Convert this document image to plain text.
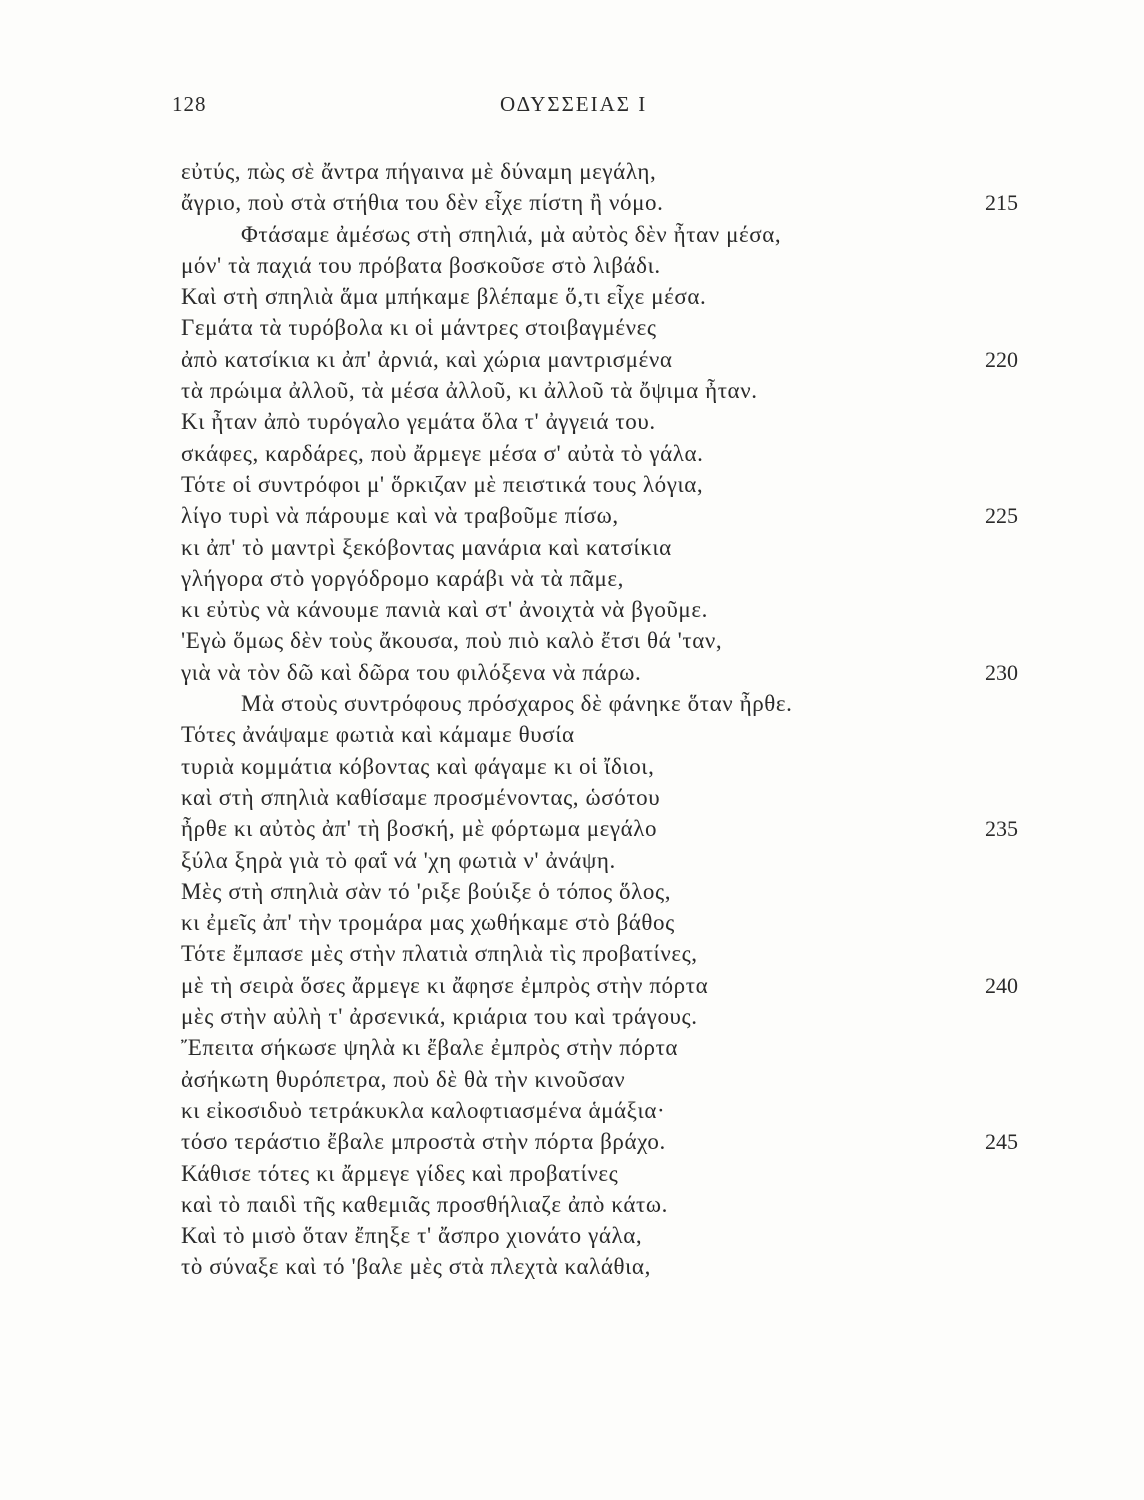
128	ΟΔΥΣΣΕΙΑΣ Ι
εὐτύς, πὼς σὲ ἄντρα πήγαινα μὲ δύναμη μεγάλη,
ἄγριο, ποὺ στὰ στήθια του δὲν εἶχε πίστη ἢ νόμο.	215
Φτάσαμε ἀμέσως στὴ σπηλιά, μὰ αὐτὸς δὲν ἦταν μέσα,
μόν' τὰ παχιά του πρόβατα βοσκοῦσε στὸ λιβάδι.
Καὶ στὴ σπηλιὰ ἅμα μπήκαμε βλέπαμε ὅ,τι εἶχε μέσα.
Γεμάτα τὰ τυρόβολα κι οἱ μάντρες στοιβαγμένες
ἀπὸ κατσίκια κι ἀπ' ἀρνιά, καὶ χώρια μαντρισμένα	220
τὰ πρώιμα ἀλλοῦ, τὰ μέσα ἀλλοῦ, κι ἀλλοῦ τὰ ὄψιμα ἦταν.
Κι ἦταν ἀπὸ τυρόγαλο γεμάτα ὅλα τ' ἀγγειά του.
σκάφες, καρδάρες, ποὺ ἄρμεγε μέσα σ' αὐτὰ τὸ γάλα.
Τότε οἱ συντρόφοι μ' ὅρκιζαν μὲ πειστικά τους λόγια,
λίγο τυρὶ νὰ πάρουμε καὶ νὰ τραβοῦμε πίσω,	225
κι ἀπ' τὸ μαντρὶ ξεκόβοντας μανάρια καὶ κατσίκια
γλήγορα στὸ γοργόδρομο καράβι νὰ τὰ πᾶμε,
κι εὐτὺς νὰ κάνουμε πανιὰ καὶ στ' ἀνοιχτὰ νὰ βγοῦμε.
'Εγὼ ὅμως δὲν τοὺς ἄκουσα, ποὺ πιὸ καλὸ ἔτσι θά 'ταν,
γιὰ νὰ τὸν δῶ καὶ δῶρα του φιλόξενα νὰ πάρω.	230
Μὰ στοὺς συντρόφους πρόσχαρος δὲ φάνηκε ὅταν ἦρθε.
Τότες ἀνάψαμε φωτιὰ καὶ κάμαμε θυσία
τυριὰ κομμάτια κόβοντας καὶ φάγαμε κι οἱ ἴδιοι,
καὶ στὴ σπηλιὰ καθίσαμε προσμένοντας, ὡσότου
ἦρθε κι αὐτὸς ἀπ' τὴ βοσκή, μὲ φόρτωμα μεγάλο	235
ξύλα ξηρὰ γιὰ τὸ φαΐ νά 'χη φωτιὰ ν' ἀνάψη.
Μὲς στὴ σπηλιὰ σὰν τό 'ριξε βούιξε ὁ τόπος ὅλος,
κι ἐμεῖς ἀπ' τὴν τρομάρα μας χωθήκαμε στὸ βάθος
Τότε ἔμπασε μὲς στὴν πλατιὰ σπηλιὰ τὶς προβατίνες,
μὲ τὴ σειρὰ ὅσες ἄρμεγε κι ἄφησε ἐμπρὸς στὴν πόρτα	240
μὲς στὴν αὐλὴ τ' ἀρσενικά, κριάρια του καὶ τράγους.
Ἔπειτα σήκωσε ψηλὰ κι ἔβαλε ἐμπρὸς στὴν πόρτα
ἀσήκωτη θυρόπετρα, ποὺ δὲ θὰ τὴν κινοῦσαν
κι εἰκοσιδυὸ τετράκυκλα καλοφτιασμένα ἁμάξια·
τόσο τεράστιο ἔβαλε μπροστὰ στὴν πόρτα βράχο.	245
Κάθισε τότες κι ἄρμεγε γίδες καὶ προβατίνες
καὶ τὸ παιδὶ τῆς καθεμιᾶς προσθήλιαζε ἀπὸ κάτω.
Καὶ τὸ μισὸ ὅταν ἔπηξε τ' ἄσπρο χιονάτο γάλα,
τὸ σύναξε καὶ τό 'βαλε μὲς στὰ πλεχτὰ καλάθια,
